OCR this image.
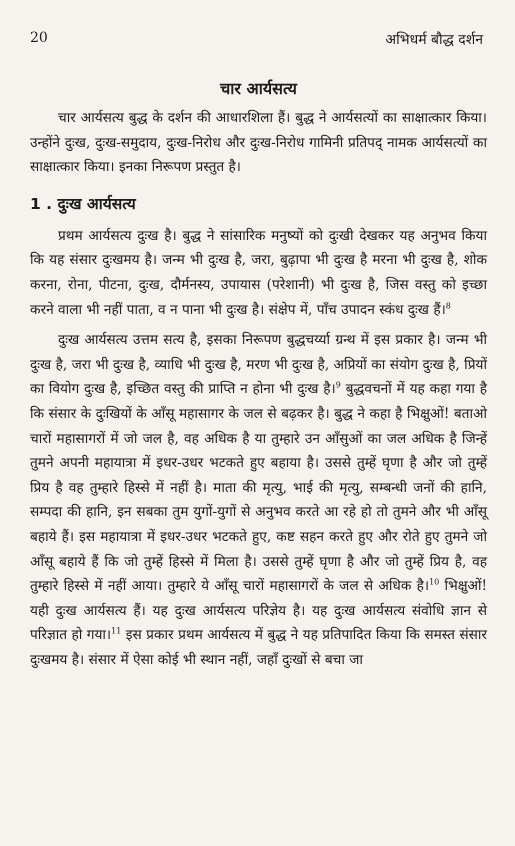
20	अभिधर्म बौद्ध दर्शन
चार आर्यसत्य

चार आर्यसत्य बुद्ध के दर्शन की आधारशिला हैं। बुद्ध ने आर्यसत्यों का साक्षात्कार किया। उन्होंने दुःख, दुःख-समुदाय, दुःख-निरोध और दुःख-निरोध गामिनी प्रतिपद् नामक आर्यसत्यों का साक्षात्कार किया। इनका निरूपण प्रस्तुत है।

1 . दुःख आर्यसत्य

प्रथम आर्यसत्य दुःख है। बुद्ध ने सांसारिक मनुष्यों को दुःखी देखकर यह अनुभव किया कि यह संसार दुःखमय है। जन्म भी दुःख है, जरा, बुढ़ापा भी दुःख है मरना भी दुःख है, शोक करना, रोना, पीटना, दुःख, दौर्मनस्य, उपायास (परेशानी) भी दुःख है, जिस वस्तु को इच्छा करने वाला भी नहीं पाता, व न पाना भी दुःख है। संक्षेप में, पाँच उपादन स्कंध दुःख हैं।$^8$

दुःख आर्यसत्य उत्तम सत्य है, इसका निरूपण बुद्धचर्य्या ग्रन्थ में इस प्रकार है। जन्म भी दुःख है, जरा भी दुःख है, व्याधि भी दुःख है, मरण भी दुःख है, अप्रियों का संयोग दुःख है, प्रियों का वियोग दुःख है, इच्छित वस्तु की प्राप्ति न होना भी दुःख है।$^9$ बुद्धवचनों में यह कहा गया है कि संसार के दुःखियों के आँसू महासागर के जल से बढ़कर है। बुद्ध ने कहा है भिक्षुओं! बताओ चारों महासागरों में जो जल है, वह अधिक है या तुम्हारे उन आँसुओं का जल अधिक है जिन्हें तुमने अपनी महायात्रा में इधर-उधर भटकते हुए बहाया है। उससे तुम्हें घृणा है और जो तुम्हें प्रिय है वह तुम्हारे हिस्से में नहीं है। माता की मृत्यु, भाई की मृत्यु, सम्बन्धी जनों की हानि, सम्पदा की हानि, इन सबका तुम युगों-युगों से अनुभव करते आ रहे हो तो तुमने और भी आँसू बहाये हैं। इस महायात्रा में इधर-उधर भटकते हुए, कष्ट सहन करते हुए और रोते हुए तुमने जो आँसू बहाये हैं कि जो तुम्हें हिस्से में मिला है। उससे तुम्हें घृणा है और जो तुम्हें प्रिय है, वह तुम्हारे हिस्से में नहीं आया। तुम्हारे ये आँसू चारों महासागरों के जल से अधिक है।$^{10}$ भिक्षुओं! यही दुःख आर्यसत्य हैं। यह दुःख आर्यसत्य परिज्ञेय है। यह दुःख आर्यसत्य संवोधि ज्ञान से परिज्ञात हो गया।$^{11}$ इस प्रकार प्रथम आर्यसत्य में बुद्ध ने यह प्रतिपादित किया कि समस्त संसार दुःखमय है। संसार में ऐसा कोई भी स्थान नहीं, जहाँ दुःखों से बचा जा
